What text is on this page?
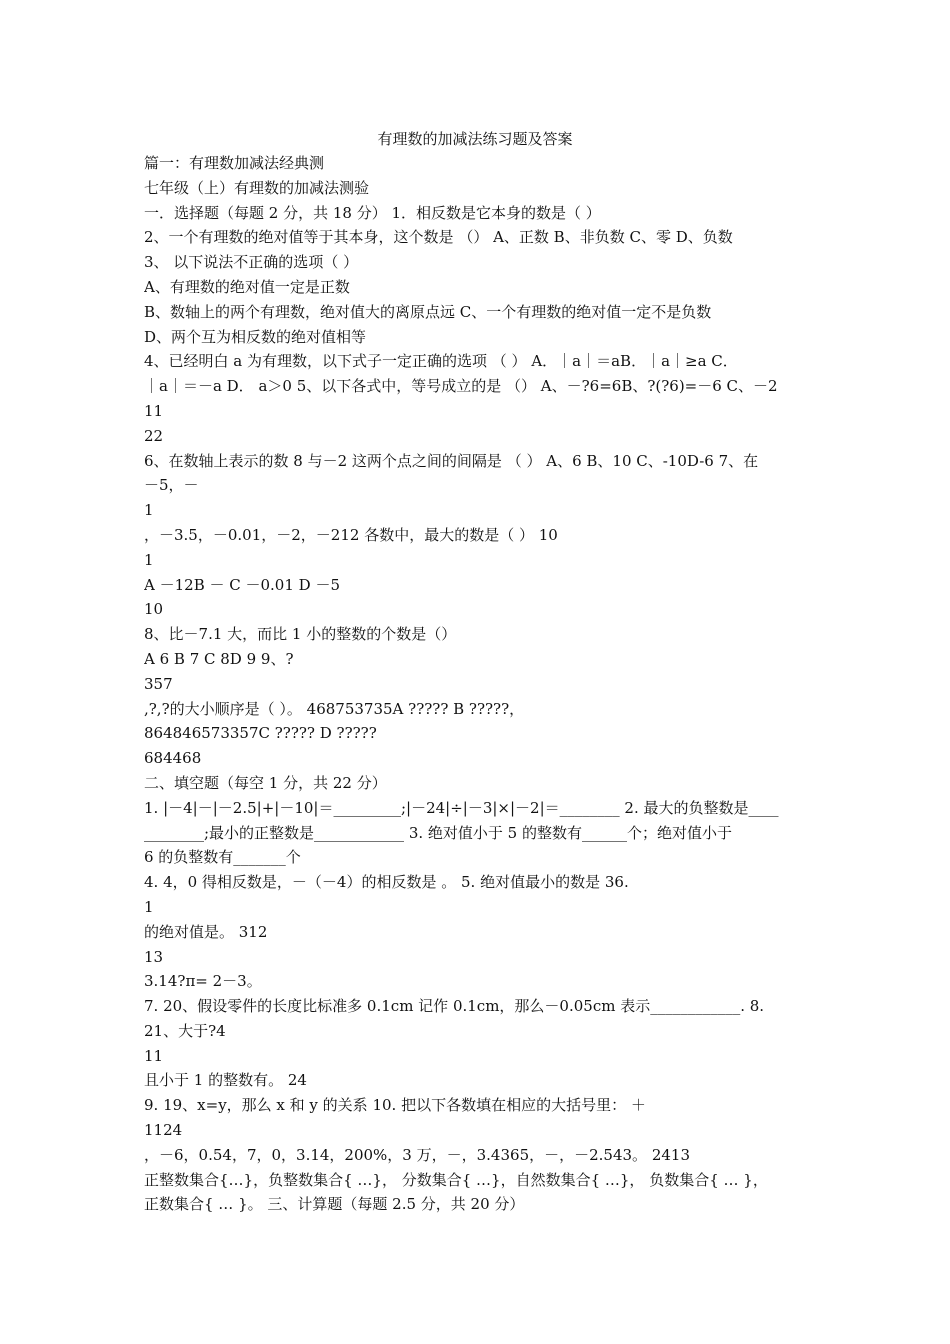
有理数的加减法练习题及答案
篇一：有理数加减法经典测
七年级（上）有理数的加减法测验
一．选择题（每题 2 分，共 18 分） 1．相反数是它本身的数是（ ）
2、一个有理数的绝对值等于其本身，这个数是 （） A、正数 B、非负数 C、零 D、负数
3、 以下说法不正确的选项（ ）
A、有理数的绝对值一定是正数
B、数轴上的两个有理数，绝对值大的离原点远 C、一个有理数的绝对值一定不是负数
D、两个互为相反数的绝对值相等
4、已经明白 a 为有理数，以下式子一定正确的选项 （ ） A．｜a｜＝aB．｜a｜≥a C．
｜a｜＝－a D． a＞0 5、以下各式中，等号成立的是 （） A、－?6=6B、?(?6)=－6 C、－2
11
22
6、在数轴上表示的数 8 与－2 这两个点之间的间隔是 （ ） A、6 B、10 C、-10D-6 7、在
－5，－
1
，－3.5，－0.01，－2，－212 各数中，最大的数是（ ） 10
1
A －12B － C －0.01 D －5
10
8、比－7.1 大，而比 1 小的整数的个数是（）
A 6 B 7 C 8D 9 9、?
357
,?,?的大小顺序是（ ）。 468753735A ????? B ?????，
864846573357C ????? D ?????
684468
二、填空题（每空 1 分，共 22 分）
1. |－4|－|－2.5|+|－10|＝_________;|－24|÷|－3|×|－2|＝________ 2. 最大的负整数是____
________;最小的正整数是____________ 3. 绝对值小于 5 的整数有______个；绝对值小于
6 的负整数有_______个
4. 4，0 得相反数是，－（－4）的相反数是 。 5. 绝对值最小的数是 36.
1
的绝对值是。 312
13
3.14?π= 2－3。
7. 20、假设零件的长度比标准多 0.1cm 记作 0.1cm，那么－0.05cm 表示____________. 8.
21、大于?4
11
且小于 1 的整数有。 24
9. 19、x=y，那么 x 和 y 的关系 10. 把以下各数填在相应的大括号里： ＋
1124
，－6，0.54，7，0，3.14，200%，3 万，－，3.4365，－，－2.543。 2413
正整数集合{…}，负整数集合{ …}， 分数集合{ …}，自然数集合{ …}， 负数集合{ … }，
正数集合{ … }。 三、计算题（每题 2.5 分，共 20 分）
